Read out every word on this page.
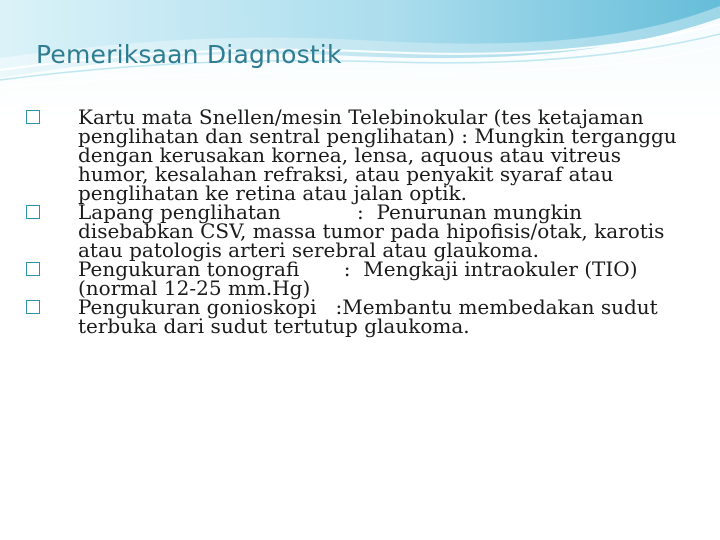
Pemeriksaan Diagnostik
Kartu mata Snellen/mesin Telebinokular (tes ketajaman penglihatan dan sentral penglihatan) : Mungkin terganggu dengan kerusakan kornea, lensa, aquous atau vitreus humor, kesalahan refraksi, atau penyakit syaraf atau penglihatan ke retina atau jalan optik.
Lapang penglihatan            :  Penurunan mungkin disebabkan CSV, massa tumor pada hipofisis/otak, karotis atau patologis arteri serebral atau glaukoma.
Pengukuran tonografi       :  Mengkaji intraokuler (TIO) (normal 12-25 mm.Hg)
Pengukuran gonioskopi   :Membantu membedakan sudut terbuka dari sudut tertutup glaukoma.
